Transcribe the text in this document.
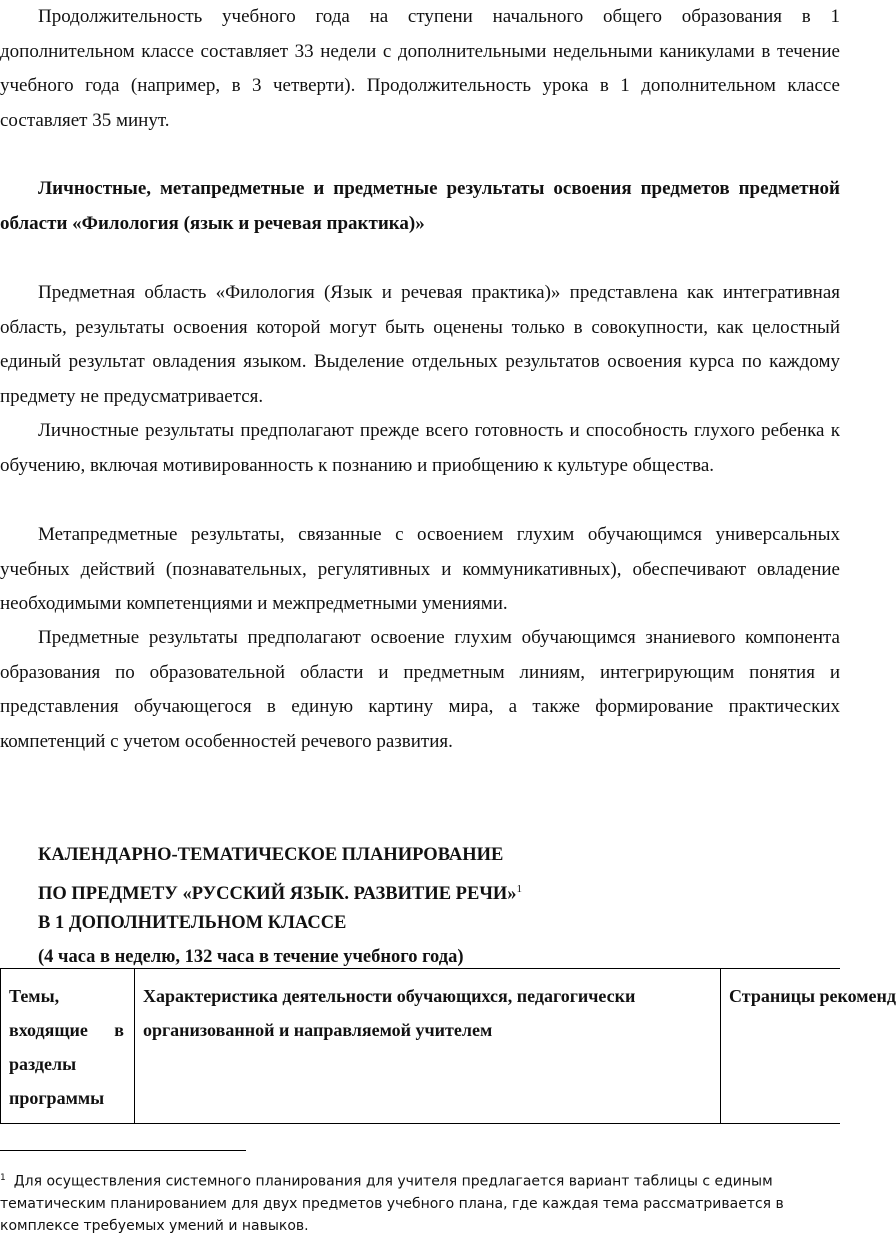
Продолжительность учебного года на ступени начального общего образования в 1 дополнительном классе составляет 33 недели с дополнительными недельными каникулами в течение учебного года (например, в 3 четверти). Продолжительность урока в 1 дополнительном классе составляет 35 минут.

Личностные, метапредметные и предметные результаты освоения предметов предметной области «Филология (язык и речевая практика)»

Предметная область «Филология (Язык и речевая практика)» представлена как интегративная область, результаты освоения которой могут быть оценены только в совокупности, как целостный единый результат овладения языком. Выделение отдельных результатов освоения курса по каждому предмету не предусматривается.

Личностные результаты предполагают прежде всего готовность и способность глухого ребенка к обучению, включая мотивированность к познанию и приобщению к культуре общества.

Метапредметные результаты, связанные с освоением глухим обучающимся универсальных учебных действий (познавательных, регулятивных и коммуникативных), обеспечивают овладение необходимыми компетенциями и межпредметными умениями.

Предметные результаты предполагают освоение глухим обучающимся знаниевого компонента образования по образовательной области и предметным линиям, интегрирующим понятия и представления обучающегося в единую картину мира, а также формирование практических компетенций с учетом особенностей речевого развития.

КАЛЕНДАРНО-ТЕМАТИЧЕСКОЕ ПЛАНИРОВАНИЕ

ПО ПРЕДМЕТУ «РУССКИЙ ЯЗЫК. РАЗВИТИЕ РЕЧИ»$^1$

В 1 ДОПОЛНИТЕЛЬНОМ КЛАССЕ

(4 часа в неделю, 132 часа в течение учебного года)

Темы, входящие в разделы программы

Характеристика деятельности обучающихся, педагогически организованной и направляемой учителем

Страницы рекоменд

$^1$ Для осуществления системного планирования для учителя предлагается вариант таблицы с единым тематическим планированием для двух предметов учебного плана, где каждая тема рассматривается в комплексе требуемых умений и навыков.
